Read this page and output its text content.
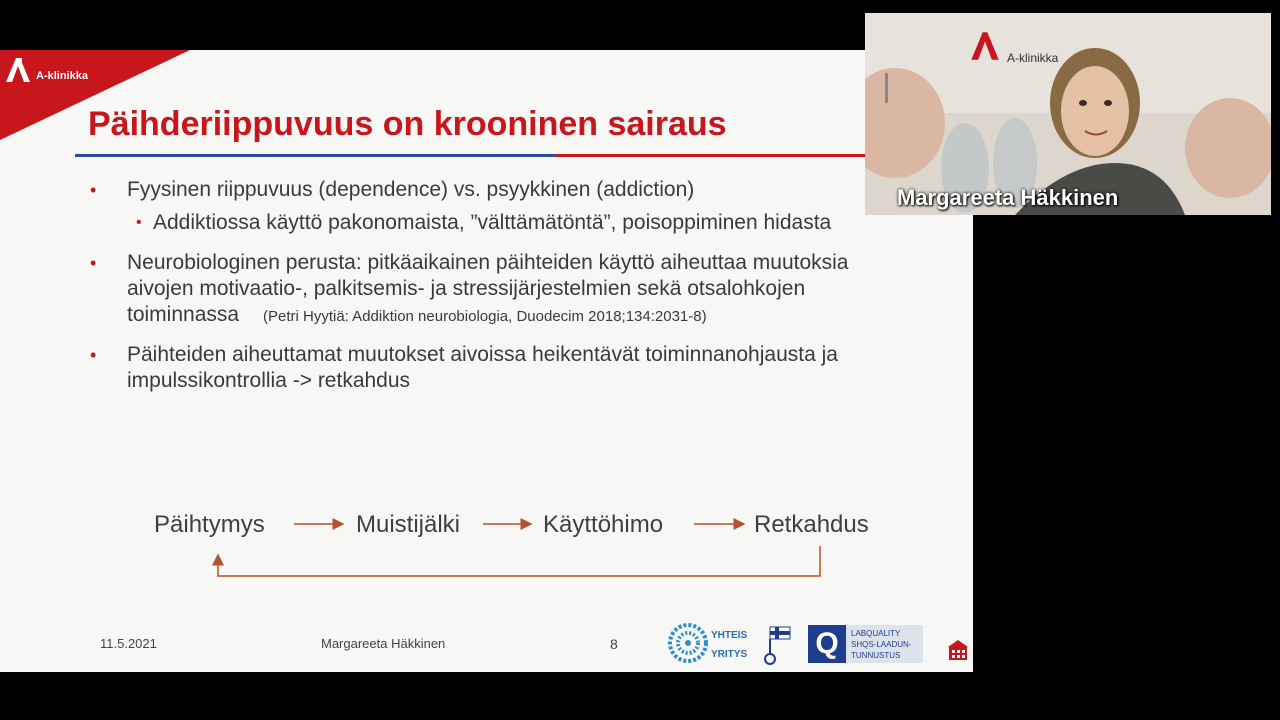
A-klinikka
Päihderiippuvuus on krooninen sairaus
• Fyysinen riippuvuus (dependence) vs. psyykkinen (addiction)
• Addiktiossa käyttö pakonomaista, ”välttämätöntä”, poisoppiminen hidasta
• Neurobiologinen perusta: pitkäaikainen päihteiden käyttö aiheuttaa muutoksia
aivojen motivaatio-, palkitsemis- ja stressijärjestelmien sekä otsalohkojen
toiminnassa (Petri Hyytiä: Addiktion neurobiologia, Duodecim 2018;134:2031-8)
• Päihteiden aiheuttamat muutokset aivoissa heikentävät toiminnanohjausta ja
impulssikontrollia -> retkahdus
Päihtymys	Muistijälki	Käyttöhimo	Retkahdus
11.5.2021	Margareeta Häkkinen	8
YHTEIS
YRITYS Q	LABQUALITY
SHQS-LAADUN-
TUNNUSTUS
A-klinikka
Margareeta Häkkinen
